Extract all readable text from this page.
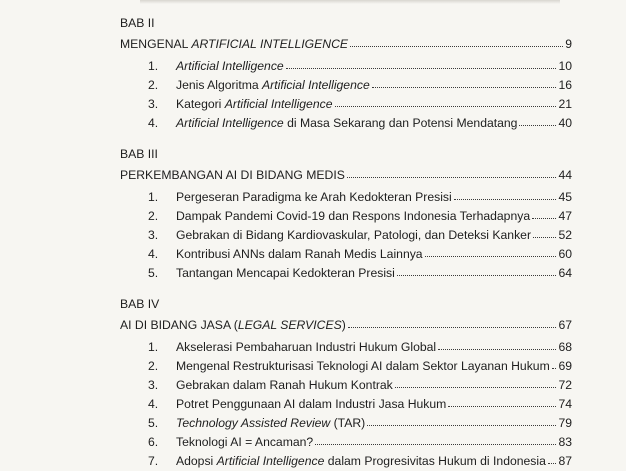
BAB II
MENGENAL ARTIFICIAL INTELLIGENCE	9
1.	Artificial Intelligence	10
2.	Jenis Algoritma Artificial Intelligence	16
3.	Kategori Artificial Intelligence	21
4.	Artificial Intelligence di Masa Sekarang dan Potensi Mendatang	40
BAB III
PERKEMBANGAN AI DI BIDANG MEDIS	44
1.	Pergeseran Paradigma ke Arah Kedokteran Presisi	45
2.	Dampak Pandemi Covid-19 dan Respons Indonesia Terhadapnya 47
3.	Gebrakan di Bidang Kardiovaskular, Patologi, dan Deteksi Kanker 52
4.	Kontribusi ANNs dalam Ranah Medis Lainnya	60
5.	Tantangan Mencapai Kedokteran Presisi	64
BAB IV
AI DI BIDANG JASA (LEGAL SERVICES)	67
1.	Akselerasi Pembaharuan Industri Hukum Global	68
2.	Mengenal Restrukturisasi Teknologi AI dalam Sektor Layanan Hukum 69
3.	Gebrakan dalam Ranah Hukum Kontrak	72
4.	Potret Penggunaan AI dalam Industri Jasa Hukum	74
5.	Technology Assisted Review (TAR)	79
6.	Teknologi AI = Ancaman?	83
7.	Adopsi Artificial Intelligence dalam Progresivitas Hukum di Indonesia 87
